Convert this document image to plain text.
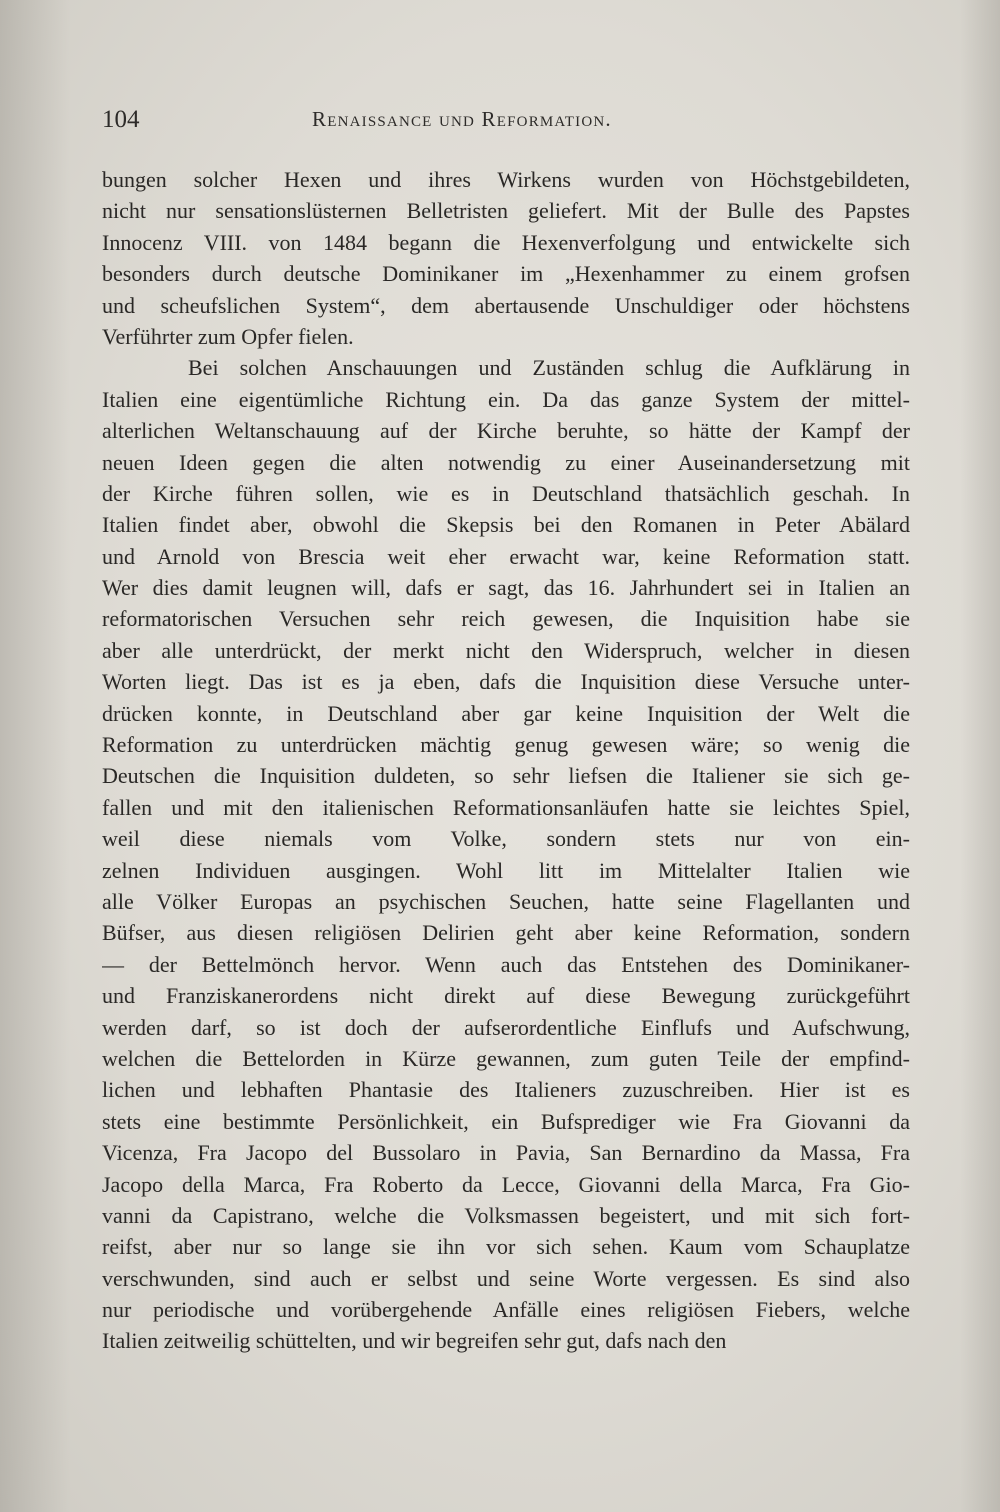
104	Renaissance und Reformation.
bungen solcher Hexen und ihres Wirkens wurden von Höchstgebildeten,
nicht nur sensationslüsternen Belletristen geliefert. Mit der Bulle des Papstes
Innocenz VIII. von 1484 begann die Hexenverfolgung und entwickelte sich
besonders durch deutsche Dominikaner im „Hexenhammer zu einem grofsen
und scheufslichen System“, dem abertausende Unschuldiger oder höchstens
Verführter zum Opfer fielen.
Bei solchen Anschauungen und Zuständen schlug die Aufklärung in
Italien eine eigentümliche Richtung ein. Da das ganze System der mittel-
alterlichen Weltanschauung auf der Kirche beruhte, so hätte der Kampf der
neuen Ideen gegen die alten notwendig zu einer Auseinandersetzung mit
der Kirche führen sollen, wie es in Deutschland thatsächlich geschah. In
Italien findet aber, obwohl die Skepsis bei den Romanen in Peter Abälard
und Arnold von Brescia weit eher erwacht war, keine Reformation statt.
Wer dies damit leugnen will, dafs er sagt, das 16. Jahrhundert sei in Italien an
reformatorischen Versuchen sehr reich gewesen, die Inquisition habe sie
aber alle unterdrückt, der merkt nicht den Widerspruch, welcher in diesen
Worten liegt. Das ist es ja eben, dafs die Inquisition diese Versuche unter-
drücken konnte, in Deutschland aber gar keine Inquisition der Welt die
Reformation zu unterdrücken mächtig genug gewesen wäre; so wenig die
Deutschen die Inquisition duldeten, so sehr liefsen die Italiener sie sich ge-
fallen und mit den italienischen Reformationsanläufen hatte sie leichtes Spiel,
weil diese niemals vom Volke, sondern stets nur von ein-
zelnen Individuen ausgingen. Wohl litt im Mittelalter Italien wie
alle Völker Europas an psychischen Seuchen, hatte seine Flagellanten und
Büfser, aus diesen religiösen Delirien geht aber keine Reformation, sondern
— der Bettelmönch hervor. Wenn auch das Entstehen des Dominikaner-
und Franziskanerordens nicht direkt auf diese Bewegung zurückgeführt
werden darf, so ist doch der aufserordentliche Einflufs und Aufschwung,
welchen die Bettelorden in Kürze gewannen, zum guten Teile der empfind-
lichen und lebhaften Phantasie des Italieners zuzuschreiben. Hier ist es
stets eine bestimmte Persönlichkeit, ein Bufsprediger wie Fra Giovanni da
Vicenza, Fra Jacopo del Bussolaro in Pavia, San Bernardino da Massa, Fra
Jacopo della Marca, Fra Roberto da Lecce, Giovanni della Marca, Fra Gio-
vanni da Capistrano, welche die Volksmassen begeistert, und mit sich fort-
reifst, aber nur so lange sie ihn vor sich sehen. Kaum vom Schauplatze
verschwunden, sind auch er selbst und seine Worte vergessen. Es sind also
nur periodische und vorübergehende Anfälle eines religiösen Fiebers, welche
Italien zeitweilig schüttelten, und wir begreifen sehr gut, dafs nach den
